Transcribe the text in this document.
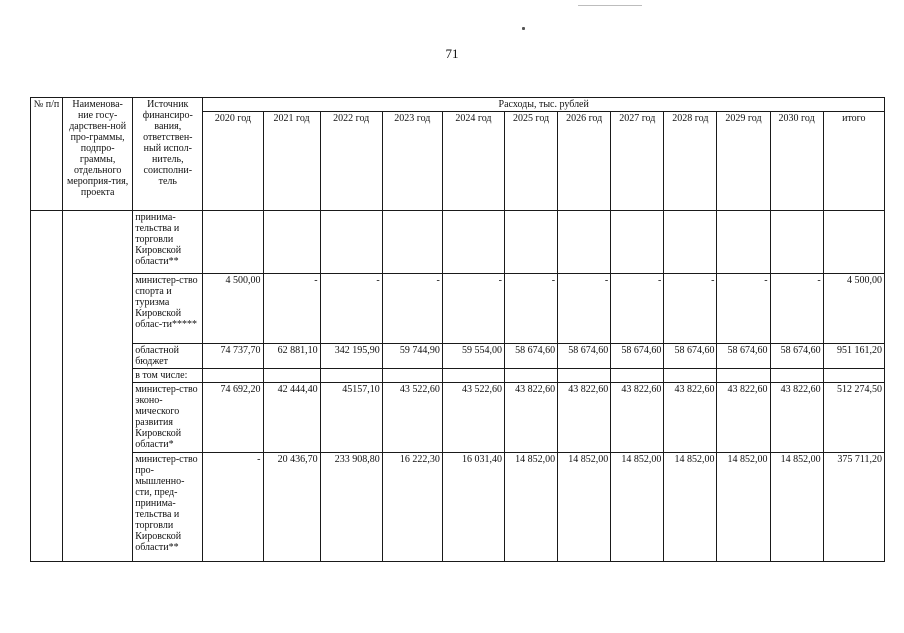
71
№ п/п	Наименова-ние госу-дарствен-ной про-граммы, подпро-граммы, отдельного мероприя-тия, проекта	Источник финансиро-вания, ответствен-ный испол-нитель, соисполни-тель	Расходы, тыс. рублей											
			2020 год	2021 год	2022 год	2023 год	2024 год	2025 год	2026 год	2027 год	2028 год	2029 год	2030 год	итого
		принима-тельства и торговли Кировской области**												
		министер-ство спорта и туризма Кировской облас-ти*****	4 500,00	-	-	-	-	-	-	-	-	-	-	4 500,00
		областной бюджет	74 737,70	62 881,10	342 195,90	59 744,90	59 554,00	58 674,60	58 674,60	58 674,60	58 674,60	58 674,60	58 674,60	951 161,20
		в том числе:												
		министер-ство эконо-мического развития Кировской области*	74 692,20	42 444,40	45157,10	43 522,60	43 522,60	43 822,60	43 822,60	43 822,60	43 822,60	43 822,60	43 822,60	512 274,50
		министер-ство про-мышленно-сти, пред-принима-тельства и торговли Кировской области**	-	20 436,70	233 908,80	16 222,30	16 031,40	14 852,00	14 852,00	14 852,00	14 852,00	14 852,00	14 852,00	375 711,20
